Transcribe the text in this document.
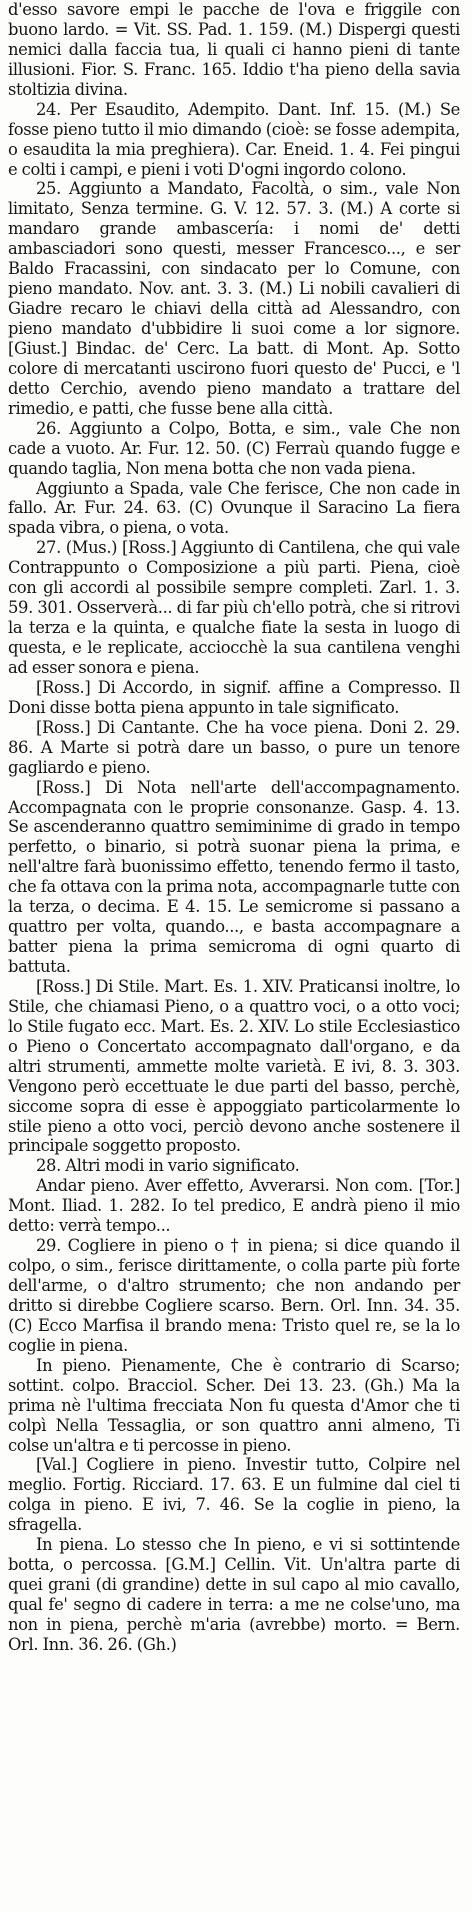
d'esso savore empi le pacche de l'ova e friggile con buono lardo. = Vit. SS. Pad. 1. 159. (M.) Dispergi questi nemici dalla faccia tua, li quali ci hanno pieni di tante illusioni. Fior. S. Franc. 165. Iddio t'ha pieno della savia stoltizia divina.

24. Per Esaudito, Adempito. Dant. Inf. 15. (M.) Se fosse pieno tutto il mio dimando (cioè: se fosse adempita, o esaudita la mia preghiera). Car. Eneid. 1. 4. Fei pingui e colti i campi, e pieni i voti D'ogni ingordo colono.

25. Aggiunto a Mandato, Facoltà, o sim., vale Non limitato, Senza termine. G. V. 12. 57. 3. (M.) A corte si mandaro grande ambascería: i nomi de' detti ambasciadori sono questi, messer Francesco..., e ser Baldo Fracassini, con sindacato per lo Comune, con pieno mandato. Nov. ant. 3. 3. (M.) Li nobili cavalieri di Giadre recaro le chiavi della città ad Alessandro, con pieno mandato d'ubbidire li suoi come a lor signore. [Giust.] Bindac. de' Cerc. La batt. di Mont. Ap. Sotto colore di mercatanti uscirono fuori questo de' Pucci, e 'l detto Cerchio, avendo pieno mandato a trattare del rimedio, e patti, che fusse bene alla città.

26. Aggiunto a Colpo, Botta, e sim., vale Che non cade a vuoto. Ar. Fur. 12. 50. (C) Ferraù quando fugge e quando taglia, Non mena botta che non vada piena.

Aggiunto a Spada, vale Che ferisce, Che non cade in fallo. Ar. Fur. 24. 63. (C) Ovunque il Saracino La fiera spada vibra, o piena, o vota.

27. (Mus.) [Ross.] Aggiunto di Cantilena, che qui vale Contrappunto o Composizione a più parti. Piena, cioè con gli accordi al possibile sempre completi. Zarl. 1. 3. 59. 301. Osserverà... di far più ch'ello potrà, che si ritrovi la terza e la quinta, e qualche fiate la sesta in luogo di questa, e le replicate, acciocchè la sua cantilena venghi ad esser sonora e piena.

[Ross.] Di Accordo, in signif. affine a Compresso. Il Doni disse botta piena appunto in tale significato.

[Ross.] Di Cantante. Che ha voce piena. Doni 2. 29. 86. A Marte si potrà dare un basso, o pure un tenore gagliardo e pieno.

[Ross.] Di Nota nell'arte dell'accompagnamento. Accompagnata con le proprie consonanze. Gasp. 4. 13. Se ascenderanno quattro semiminime di grado in tempo perfetto, o binario, si potrà suonar piena la prima, e nell'altre farà buonissimo effetto, tenendo fermo il tasto, che fa ottava con la prima nota, accompagnarle tutte con la terza, o decima. E 4. 15. Le semicrome si passano a quattro per volta, quando..., e basta accompagnare a batter piena la prima semicroma di ogni quarto di battuta.

[Ross.] Di Stile. Mart. Es. 1. XIV. Praticansi inoltre, lo Stile, che chiamasi Pieno, o a quattro voci, o a otto voci; lo Stile fugato ecc. Mart. Es. 2. XIV. Lo stile Ecclesiastico o Pieno o Concertato accompagnato dall'organo, e da altri strumenti, ammette molte varietà. E ivi, 8. 3. 303. Vengono però eccettuate le due parti del basso, perchè, siccome sopra di esse è appoggiato particolarmente lo stile pieno a otto voci, perciò devono anche sostenere il principale soggetto proposto.

28. Altri modi in vario significato.

Andar pieno. Aver effetto, Avverarsi. Non com. [Tor.] Mont. Iliad. 1. 282. Io tel predico, E andrà pieno il mio detto: verrà tempo...

29. Cogliere in pieno o † in piena; si dice quando il colpo, o sim., ferisce dirittamente, o colla parte più forte dell'arme, o d'altro strumento; che non andando per dritto si direbbe Cogliere scarso. Bern. Orl. Inn. 34. 35. (C) Ecco Marfisa il brando mena: Tristo quel re, se la lo coglie in piena.

In pieno. Pienamente, Che è contrario di Scarso; sottint. colpo. Bracciol. Scher. Dei 13. 23. (Gh.) Ma la prima nè l'ultima frecciata Non fu questa d'Amor che ti colpì Nella Tessaglia, or son quattro anni almeno, Ti colse un'altra e ti percosse in pieno.

[Val.] Cogliere in pieno. Investir tutto, Colpire nel meglio. Fortig. Ricciard. 17. 63. E un fulmine dal ciel ti colga in pieno. E ivi, 7. 46. Se la coglie in pieno, la sfragella.

In piena. Lo stesso che In pieno, e vi si sottintende botta, o percossa. [G.M.] Cellin. Vit. Un'altra parte di quei grani (di grandine) dette in sul capo al mio cavallo, qual fe' segno di cadere in terra: a me ne colse'uno, ma non in piena, perchè m'aria (avrebbe) morto. = Bern. Orl. Inn. 36. 26. (Gh.)
